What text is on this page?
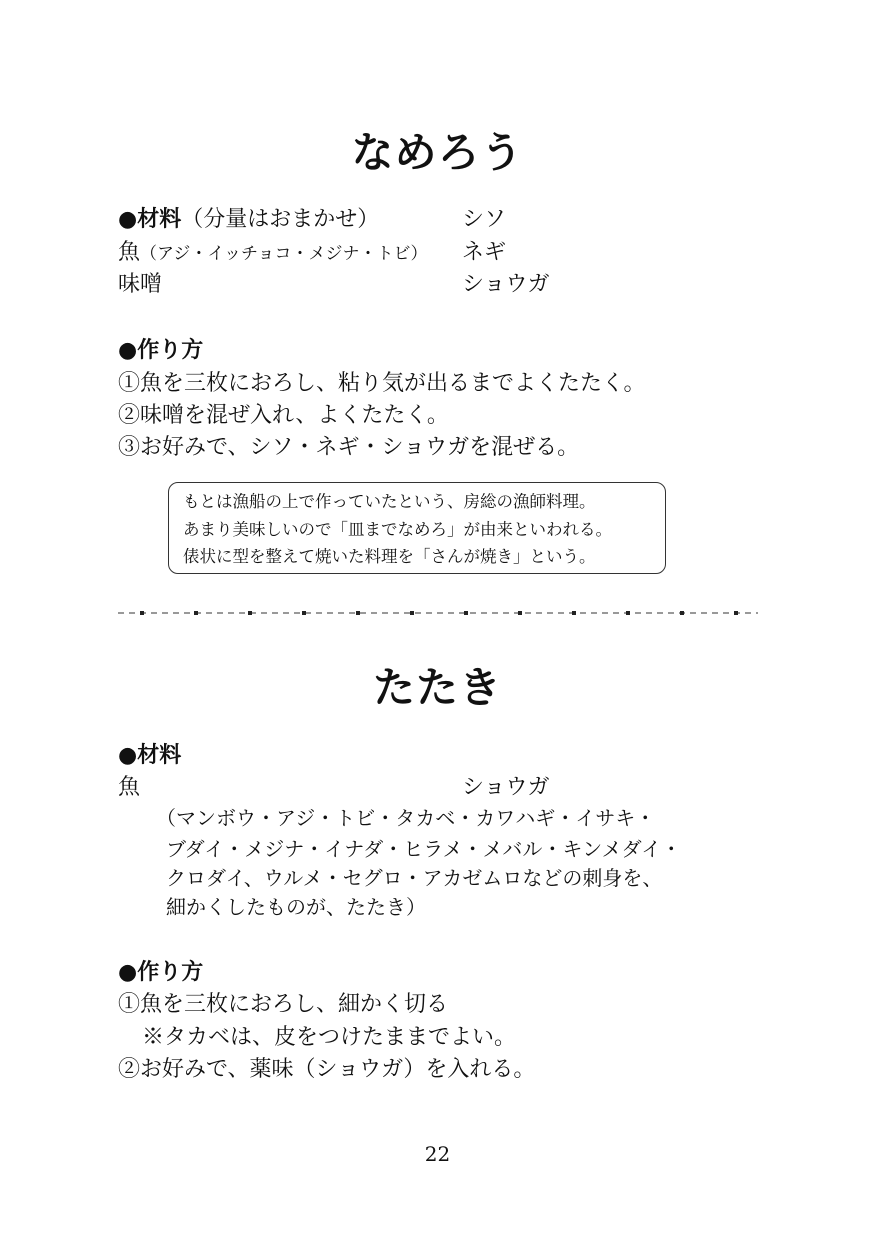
なめろう
●材料（分量はおまかせ）
魚（アジ・イッチョコ・メジナ・トビ）
味噌
シソ
ネギ
ショウガ
●作り方
①魚を三枚におろし、粘り気が出るまでよくたたく。
②味噌を混ぜ入れ、よくたたく。
③お好みで、シソ・ネギ・ショウガを混ぜる。
もとは漁船の上で作っていたという、房総の漁師料理。
あまり美味しいので「皿までなめろ」が由来といわれる。
俵状に型を整えて焼いた料理を「さんが焼き」という。
たたき
●材料
魚	ショウガ
（マンボウ・アジ・トビ・タカベ・カワハギ・イサキ・
ブダイ・メジナ・イナダ・ヒラメ・メバル・キンメダイ・
クロダイ、ウルメ・セグロ・アカゼムロなどの刺身を、
細かくしたものが、たたき）
●作り方
①魚を三枚におろし、細かく切る
※タカベは、皮をつけたままでよい。
②お好みで、薬味（ショウガ）を入れる。
22
